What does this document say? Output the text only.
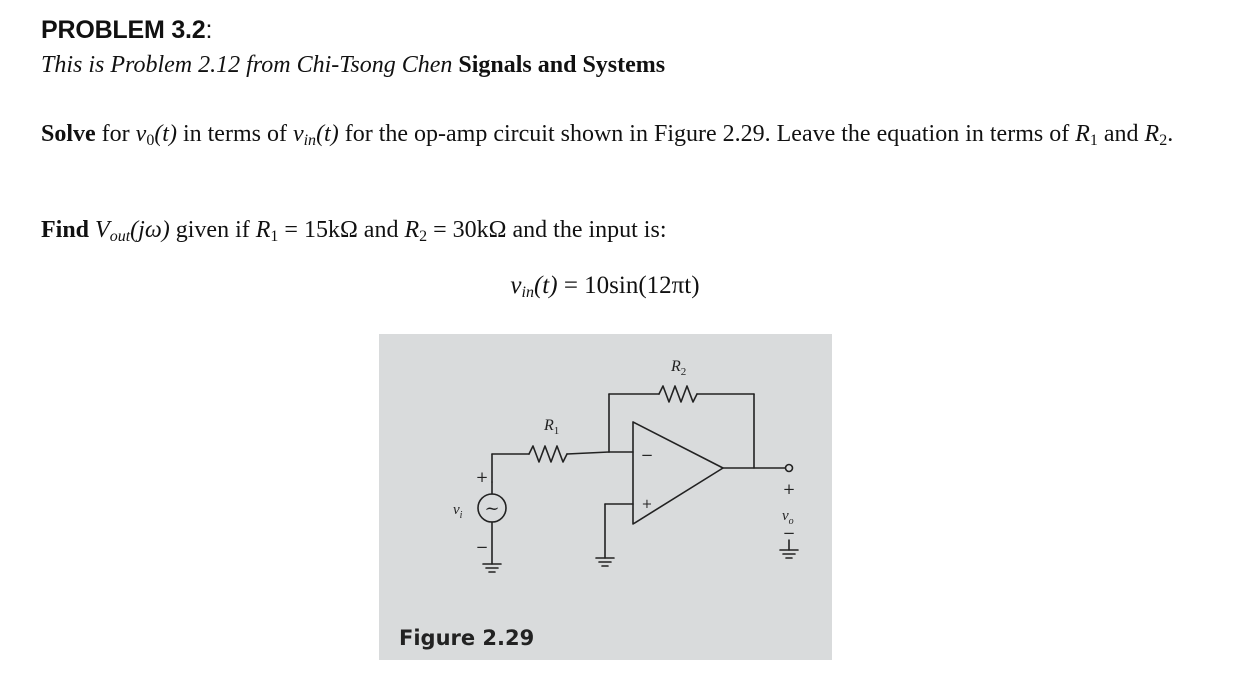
PROBLEM 3.2:
This is Problem 2.12 from Chi-Tsong Chen Signals and Systems
Solve for v0(t) in terms of $v_{in}(t)$ for the op-amp circuit shown in Figure 2.29. Leave the equation in terms of R1 and R2.
Find $V_{out}(j\omega)$ given if R1 = 15kΩ and R2 = 30kΩ and the input is:
$v_{in}(t) = 10\sin(12\pi t)$
~
+
−
−
+
+
−
$R_1$
$R_2$
$v_i$	$v_o$
Figure 2.29
